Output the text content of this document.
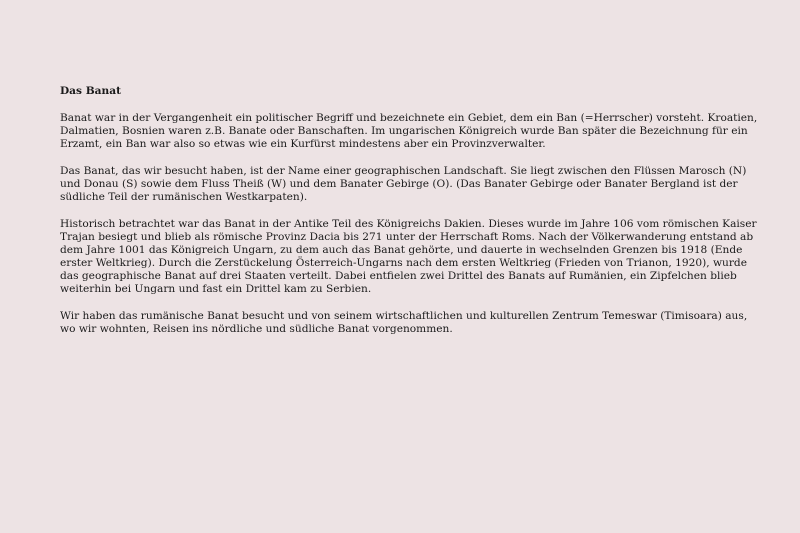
Das Banat
Banat war in der Vergangenheit ein politischer Begriff und bezeichnete ein Gebiet, dem ein Ban (=Herrscher) vorsteht. Kroatien, Dalmatien, Bosnien waren z.B. Banate oder Banschaften. Im ungarischen Königreich wurde Ban später die Bezeichnung für ein Erzamt, ein Ban war also so etwas wie ein Kurfürst mindestens aber ein Provinzverwalter.
Das Banat, das wir besucht haben, ist der Name einer geographischen Landschaft. Sie liegt zwischen den Flüssen Marosch (N) und Donau (S) sowie dem Fluss Theiß (W) und dem Banater Gebirge (O). (Das Banater Gebirge oder Banater Bergland ist der südliche Teil der rumänischen Westkarpaten).
Historisch betrachtet war das Banat in der Antike Teil des Königreichs Dakien. Dieses wurde im Jahre 106 vom römischen Kaiser Trajan besiegt und blieb als römische Provinz Dacia bis 271 unter der Herrschaft Roms. Nach der Völkerwanderung entstand ab dem Jahre 1001 das Königreich Ungarn, zu dem auch das Banat gehörte, und dauerte in wechselnden Grenzen bis 1918 (Ende erster Weltkrieg). Durch die Zerstückelung Österreich-Ungarns nach dem ersten Weltkrieg (Frieden von Trianon, 1920), wurde das geographische Banat auf drei Staaten verteilt. Dabei entfielen zwei Drittel des Banats auf Rumänien, ein Zipfelchen blieb weiterhin bei Ungarn und fast ein Drittel kam zu Serbien.
Wir haben das rumänische Banat besucht und von seinem wirtschaftlichen und kulturellen Zentrum Temeswar (Timisoara) aus, wo wir wohnten, Reisen ins nördliche und südliche Banat vorgenommen.
